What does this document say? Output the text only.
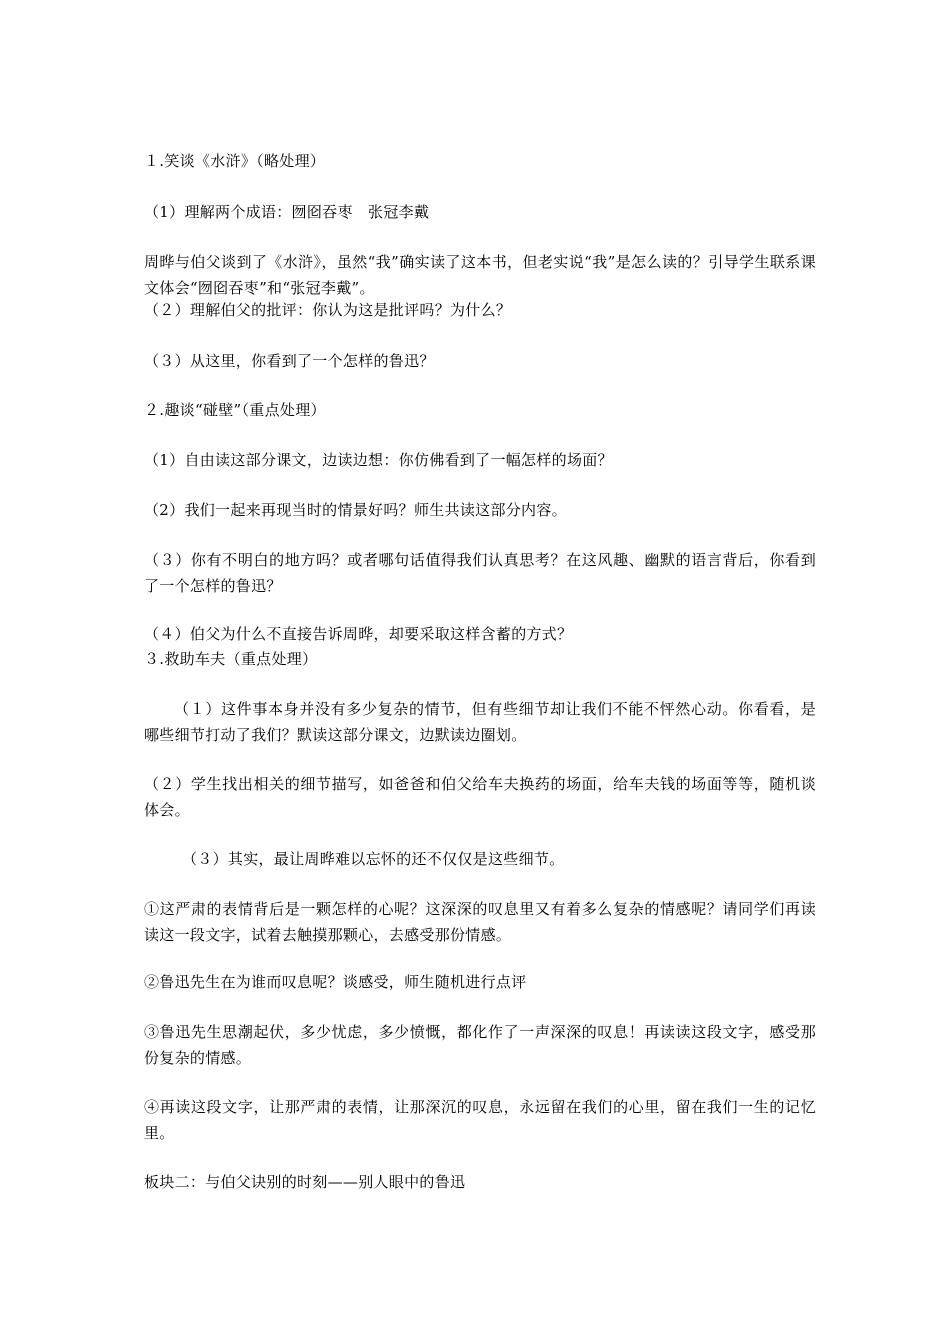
１.笑谈《水浒》（略处理）
（1）理解两个成语：囫囵吞枣　张冠李戴
周晔与伯父谈到了《水浒》，虽然“我”确实读了这本书，但老实说“我”是怎么读的？引导学生联系课文体会“囫囵吞枣”和“张冠李戴”。
（２）理解伯父的批评：你认为这是批评吗？为什么？
（３）从这里，你看到了一个怎样的鲁迅？
２.趣谈“碰壁”（重点处理）
（1）自由读这部分课文，边读边想：你仿佛看到了一幅怎样的场面？
（2）我们一起来再现当时的情景好吗？师生共读这部分内容。
（３）你有不明白的地方吗？或者哪句话值得我们认真思考？在这风趣、幽默的语言背后，你看到了一个怎样的鲁迅？
（４）伯父为什么不直接告诉周晔，却要采取这样含蓄的方式？
３.救助车夫（重点处理）
（１）这件事本身并没有多少复杂的情节，但有些细节却让我们不能不怦然心动。你看看，是哪些细节打动了我们？默读这部分课文，边默读边圈划。
（２）学生找出相关的细节描写，如爸爸和伯父给车夫换药的场面，给车夫钱的场面等等，随机谈体会。
（３）其实，最让周晔难以忘怀的还不仅仅是这些细节。
①这严肃的表情背后是一颗怎样的心呢？这深深的叹息里又有着多么复杂的情感呢？请同学们再读读这一段文字，试着去触摸那颗心，去感受那份情感。
②鲁迅先生在为谁而叹息呢？谈感受，师生随机进行点评
③鲁迅先生思潮起伏，多少忧虑，多少愤慨，都化作了一声深深的叹息！再读读这段文字，感受那份复杂的情感。
④再读这段文字，让那严肃的表情，让那深沉的叹息，永远留在我们的心里，留在我们一生的记忆里。
板块二：与伯父诀别的时刻——别人眼中的鲁迅
